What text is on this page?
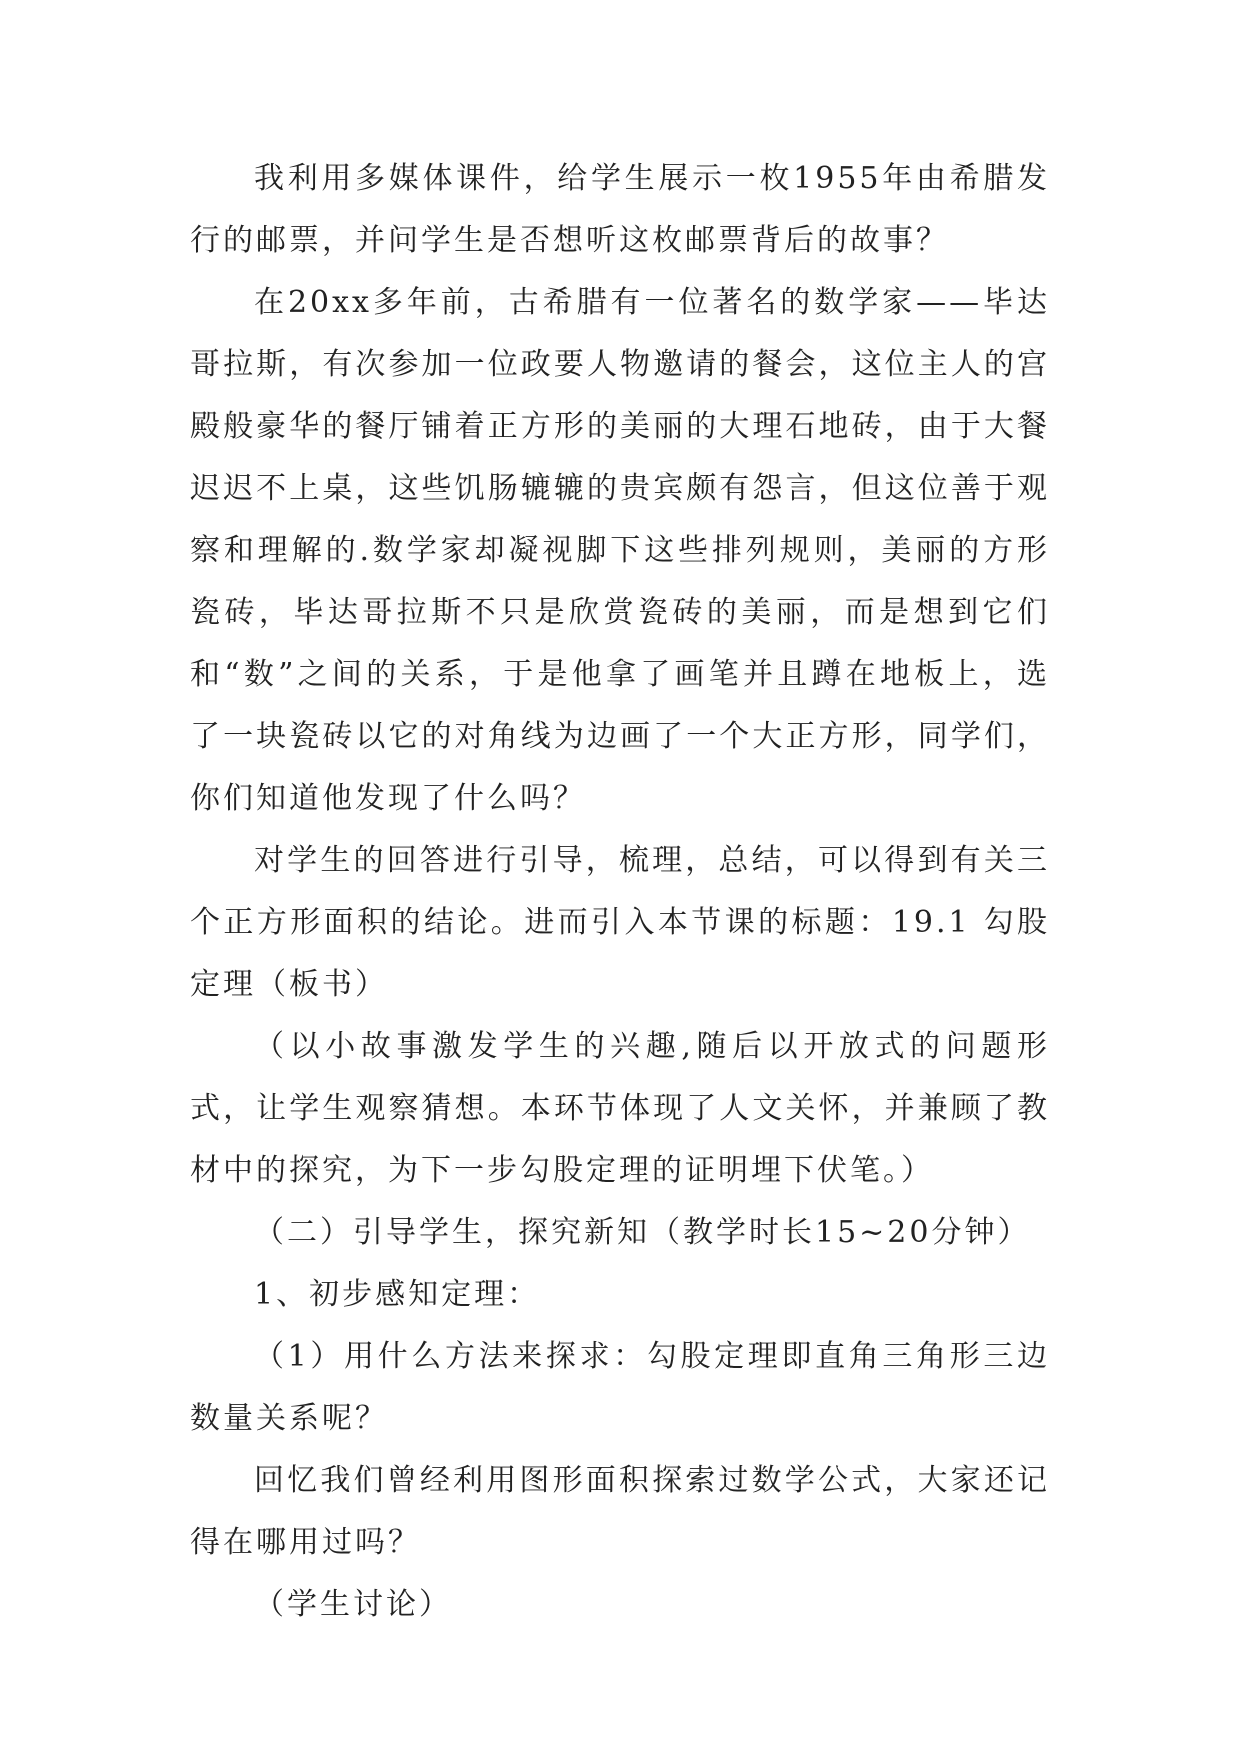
我利用多媒体课件，给学生展示一枚1955年由希腊发行的邮票，并问学生是否想听这枚邮票背后的故事？

在20xx多年前，古希腊有一位著名的数学家——毕达哥拉斯，有次参加一位政要人物邀请的餐会，这位主人的宫殿般豪华的餐厅铺着正方形的美丽的大理石地砖，由于大餐迟迟不上桌，这些饥肠辘辘的贵宾颇有怨言，但这位善于观察和理解的.数学家却凝视脚下这些排列规则，美丽的方形瓷砖，毕达哥拉斯不只是欣赏瓷砖的美丽，而是想到它们和“数”之间的关系，于是他拿了画笔并且蹲在地板上，选了一块瓷砖以它的对角线为边画了一个大正方形，同学们，你们知道他发现了什么吗？

对学生的回答进行引导，梳理，总结，可以得到有关三个正方形面积的结论。进而引入本节课的标题：19.1 勾股定理（板书）

（以小故事激发学生的兴趣,随后以开放式的问题形式，让学生观察猜想。本环节体现了人文关怀，并兼顾了教材中的探究，为下一步勾股定理的证明埋下伏笔。）

（二）引导学生，探究新知（教学时长15~20分钟）

1、初步感知定理：

（1）用什么方法来探求：勾股定理即直角三角形三边数量关系呢？

回忆我们曾经利用图形面积探索过数学公式，大家还记得在哪用过吗？

（学生讨论）
